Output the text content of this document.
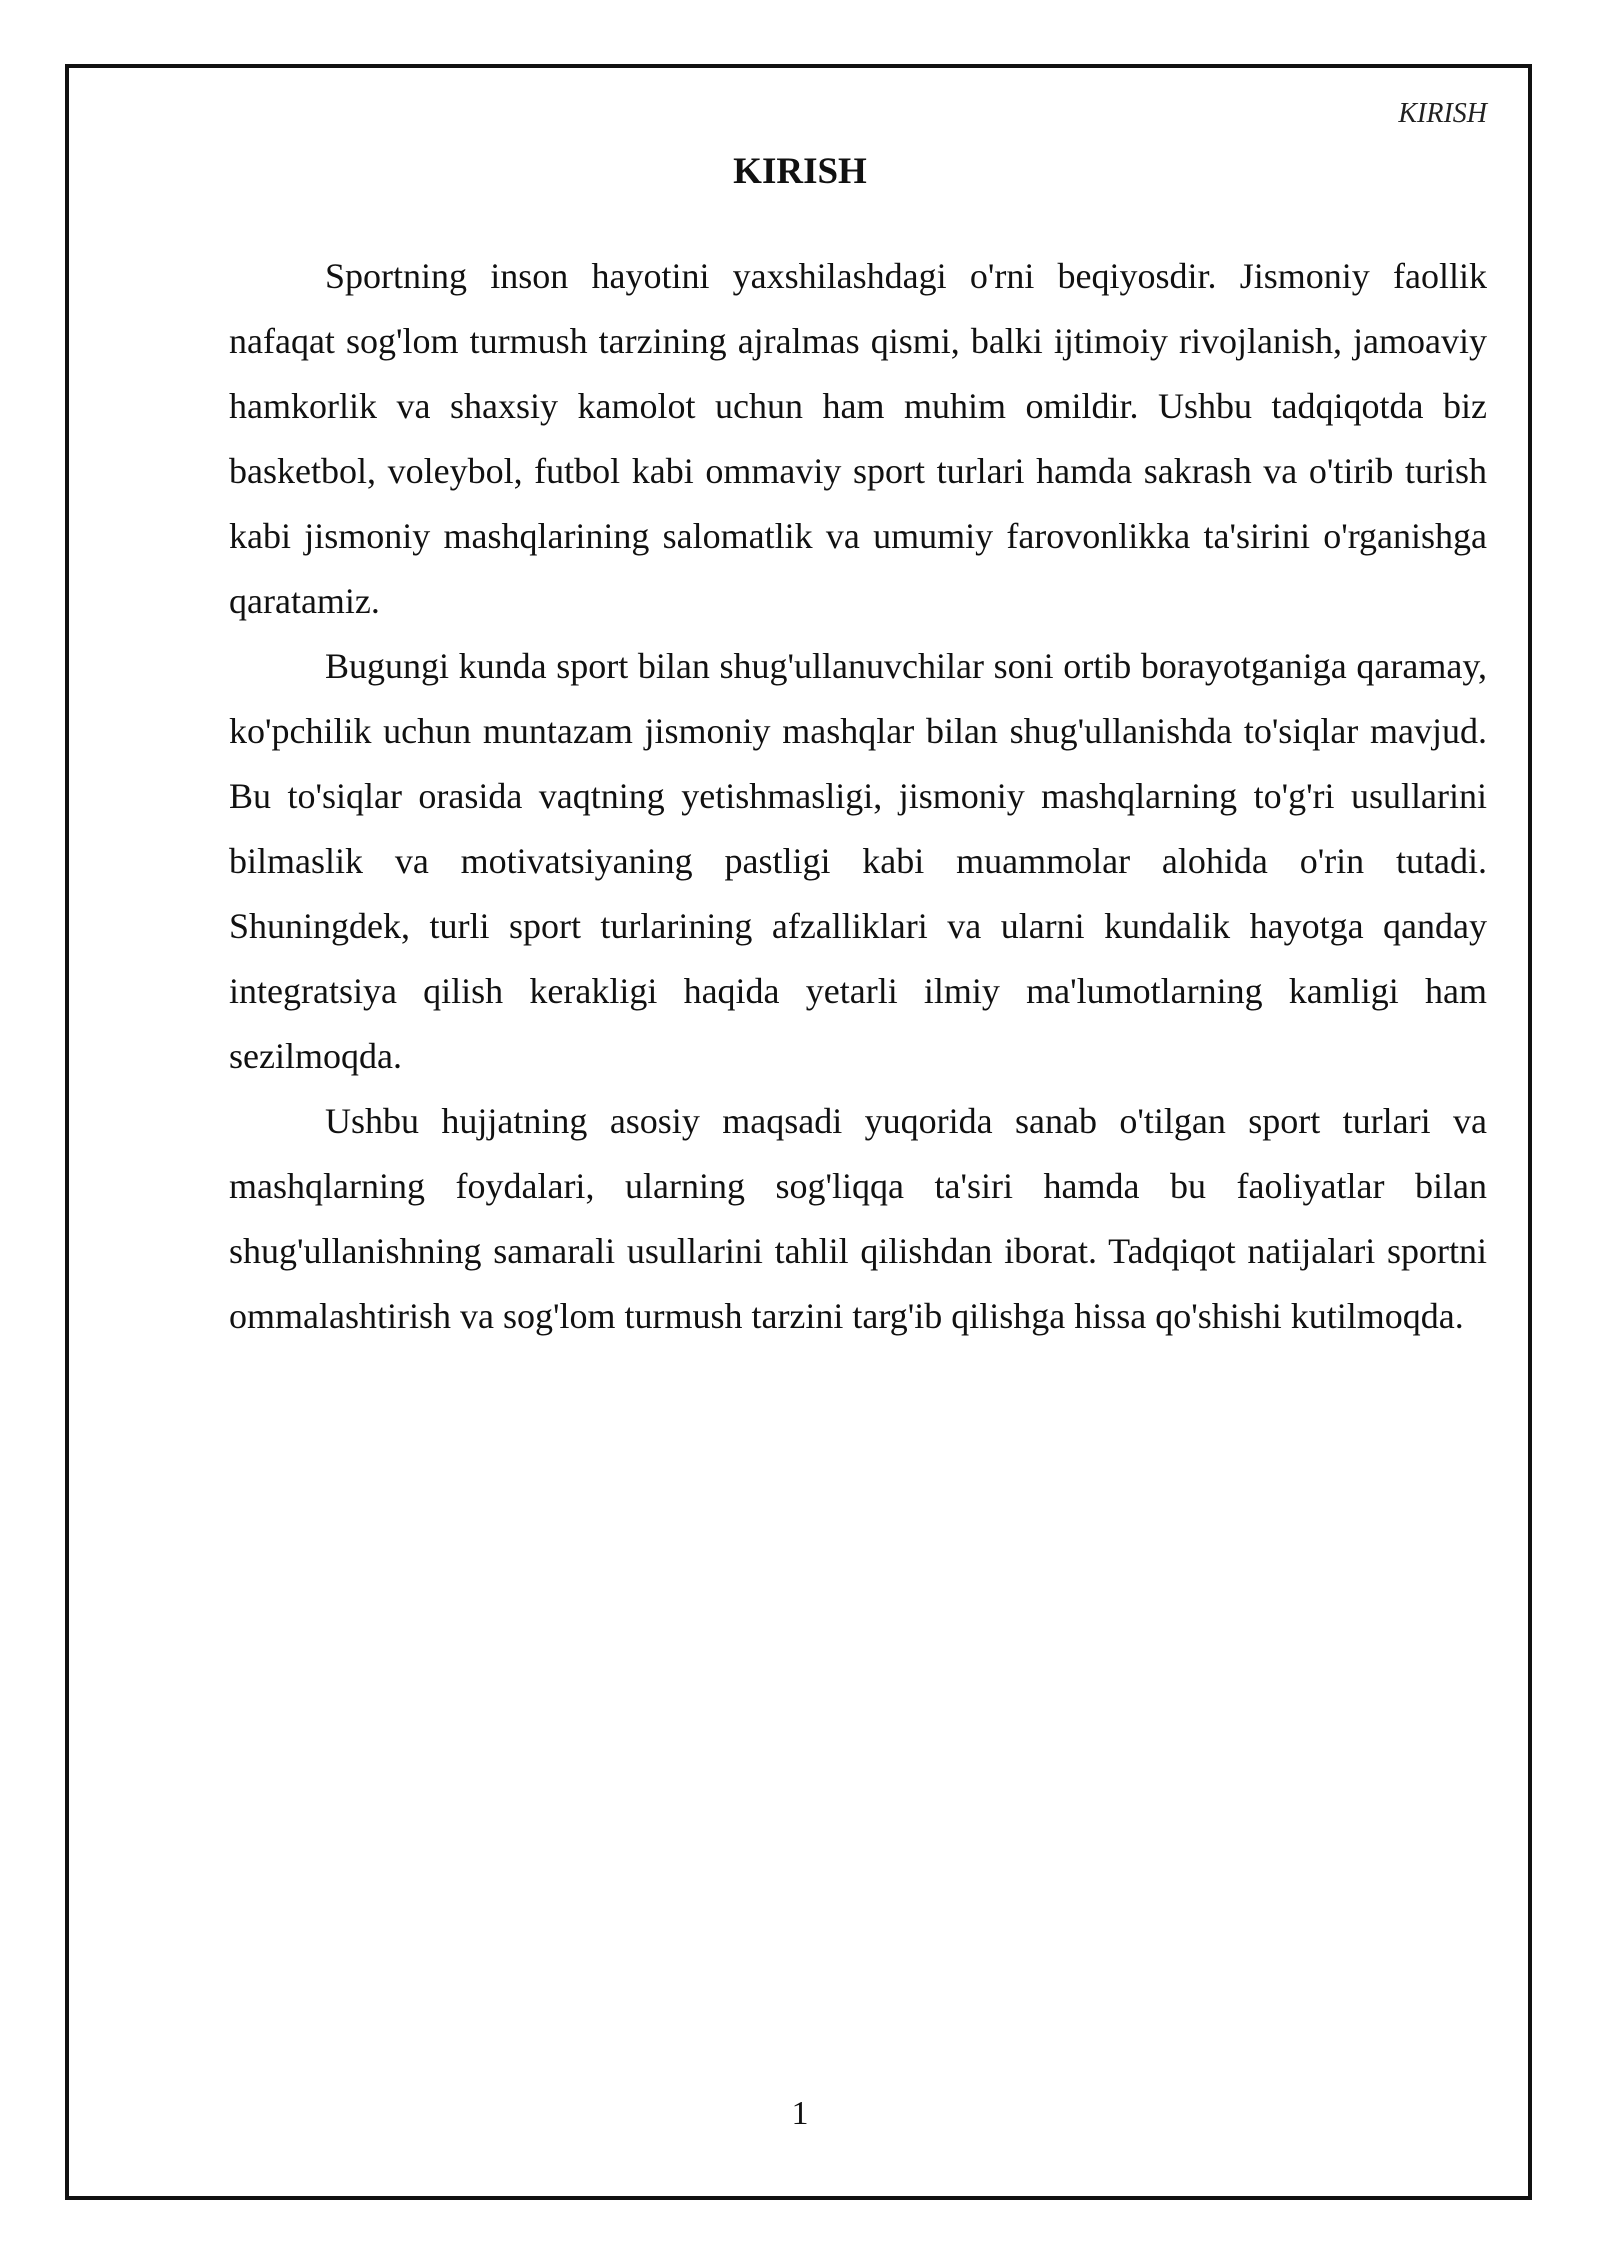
KIRISH
KIRISH

Sportning inson hayotini yaxshilashdagi o'rni beqiyosdir. Jismoniy faollik nafaqat sog'lom turmush tarzining ajralmas qismi, balki ijtimoiy rivojlanish, jamoaviy hamkorlik va shaxsiy kamolot uchun ham muhim omildir. Ushbu tadqiqotda biz basketbol, voleybol, futbol kabi ommaviy sport turlari hamda sakrash va o'tirib turish kabi jismoniy mashqlarining salomatlik va umumiy farovonlikka ta'sirini o'rganishga qaratamiz.

Bugungi kunda sport bilan shug'ullanuvchilar soni ortib borayotganiga qaramay, ko'pchilik uchun muntazam jismoniy mashqlar bilan shug'ullanishda to'siqlar mavjud. Bu to'siqlar orasida vaqtning yetishmasligi, jismoniy mashqlarning to'g'ri usullarini bilmaslik va motivatsiyaning pastligi kabi muammolar alohida o'rin tutadi. Shuningdek, turli sport turlarining afzalliklari va ularni kundalik hayotga qanday integratsiya qilish kerakligi haqida yetarli ilmiy ma'lumotlarning kamligi ham sezilmoqda.

Ushbu hujjatning asosiy maqsadi yuqorida sanab o'tilgan sport turlari va mashqlarning foydalari, ularning sog'liqqa ta'siri hamda bu faoliyatlar bilan shug'ullanishning samarali usullarini tahlil qilishdan iborat. Tadqiqot natijalari sportni ommalashtirish va sog'lom turmush tarzini targ'ib qilishga hissa qo'shishi kutilmoqda.

1
